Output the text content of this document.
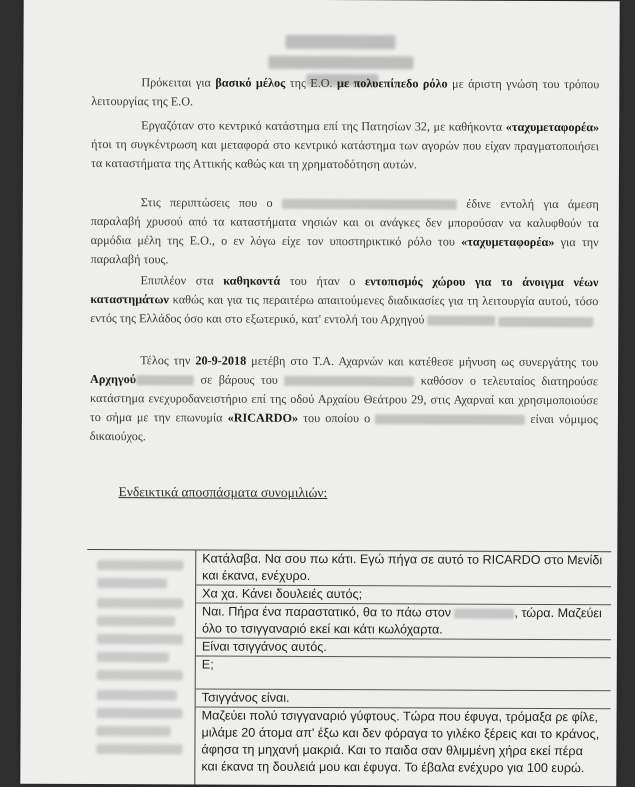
Πρόκειται για βασικό μέλος της Ε.Ο. με πολυεπίπεδο ρόλο με άριστη γνώση του τρόπου λειτουργίας της Ε.Ο.
Εργαζόταν στο κεντρικό κατάστημα επί της Πατησίων 32, με καθήκοντα «ταχυμεταφορέα» ήτοι τη συγκέντρωση και μεταφορά στο κεντρικό κατάστημα των αγορών που είχαν πραγματοποιήσει τα καταστήματα της Αττικής καθώς και τη χρηματοδότηση αυτών.
Στις περιπτώσεις που ο	έδινε εντολή για άμεση παραλαβή χρυσού από τα καταστήματα νησιών και οι ανάγκες δεν μπορούσαν να καλυφθούν τα αρμόδια μέλη της Ε.Ο., ο εν λόγω είχε τον υποστηρικτικό ρόλο του «ταχυμεταφορέα» για την παραλαβή τους.
Επιπλέον στα καθηκοντά του ήταν ο εντοπισμός χώρου για το άνοιγμα νέων καταστημάτων καθώς και για τις περαιτέρω απαιτούμενες διαδικασίες για τη λειτουργία αυτού, τόσο εντός της Ελλάδος όσο και στο εξωτερικό, κατ' εντολή του Αρχηγού
Τέλος την 20-9-2018 μετέβη στο Τ.Α. Αχαρνών και κατέθεσε μήνυση ως συνεργάτης του Αρχηγού	σε βάρους του	καθόσον ο τελευταίος διατηρούσε κατάστημα ενεχυροδανειστήριο επί της οδού Αρχαίου Θεάτρου 29, στις Αχαρναί και χρησιμοποιούσε το σήμα με την επωνυμία «RICARDO» του οποίου ο	είναι νόμιμος δικαιούχος.
Ενδεικτικά αποσπάσματα συνομιλιών:
Κατάλαβα. Να σου πω κάτι. Εγώ πήγα σε αυτό το RICARDO στο Μενίδι και έκανα, ενέχυρο.
Χα χα. Κάνει δουλειές αυτός;
Ναι. Πήρα ένα παραστατικό, θα το πάω στον	, τώρα. Μαζεύει όλο το τσιγγαναριό εκεί και κάτι κωλόχαρτα.
Είναι τσιγγάνος αυτός.
Ε;
Τσιγγάνος είναι.
Μαζεύει πολύ τσιγγαναριό γύφτους. Τώρα που έφυγα, τρόμαξα ρε φίλε, μιλάμε 20 άτομα απ' έξω και δεν φόραγα το γιλέκο ξέρεις και το κράνος, άφησα τη μηχανή μακριά. Και το παιδα σαν θλιμμένη χήρα εκεί πέρα και έκανα τη δουλειά μου και έφυγα. Το έβαλα ενέχυρο για 100 ευρώ.
